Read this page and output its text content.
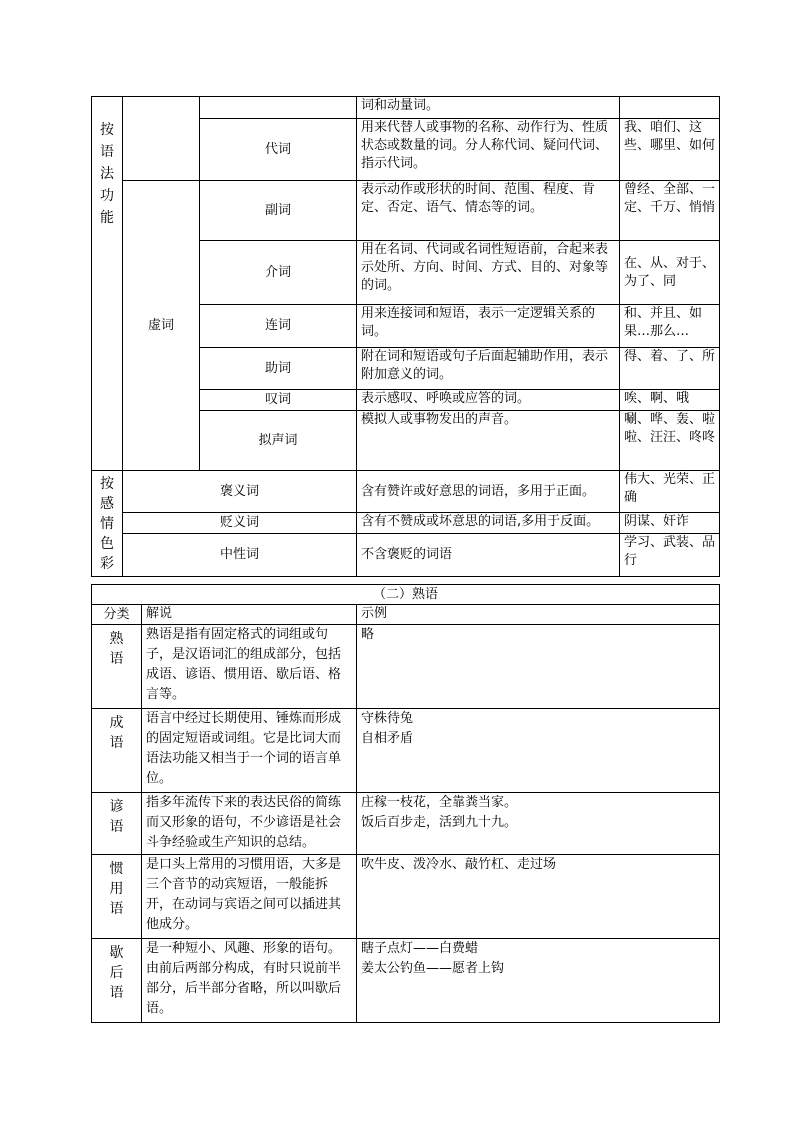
按
语
法
功
能			词和动量词。	
		代词	用来代替人或事物的名称、动作行为、性质状态或数量的词。分人称代词、疑问代词、指示代词。	我、咱们、这些、哪里、如何
	虚词	副词	表示动作或形状的时间、范围、程度、肯定、否定、语气、情态等的词。	曾经、全部、一定、千万、悄悄
		介词	用在名词、代词或名词性短语前，合起来表示处所、方向、时间、方式、目的、对象等的词。	在、从、对于、为了、同
		连词	用来连接词和短语，表示一定逻辑关系的词。	和、并且、如果…那么…
		助词	附在词和短语或句子后面起辅助作用，表示附加意义的词。	得、着、了、所
		叹词	表示感叹、呼唤或应答的词。	唉、啊、哦
		拟声词	模拟人或事物发出的声音。	唰、哗、轰、啦啦、汪汪、咚咚
按
感
情
色
彩	褒义词		含有赞许或好意思的词语，多用于正面。	伟大、光荣、正确
	贬义词		含有不赞成或坏意思的词语,多用于反面。	阴谋、奸诈
	中性词		不含褒贬的词语	学习、武装、品行
（二）熟语		
分类	解说	示例
熟
语	熟语是指有固定格式的词组或句子，是汉语词汇的组成部分，包括成语、谚语、惯用语、歇后语、格言等。	略
成
语	语言中经过长期使用、锤炼而形成的固定短语或词组。它是比词大而语法功能又相当于一个词的语言单位。	守株待兔
自相矛盾
谚
语	指多年流传下来的表达民俗的简练而又形象的语句，不少谚语是社会斗争经验或生产知识的总结。	庄稼一枝花，全靠粪当家。
饭后百步走，活到九十九。
惯
用
语	是口头上常用的习惯用语，大多是三个音节的动宾短语，一般能拆开，在动词与宾语之间可以插进其他成分。	吹牛皮、泼冷水、敲竹杠、走过场
歇
后
语	是一种短小、风趣、形象的语句。由前后两部分构成，有时只说前半部分，后半部分省略，所以叫歇后语。	瞎子点灯——白费蜡
姜太公钓鱼——愿者上钩
